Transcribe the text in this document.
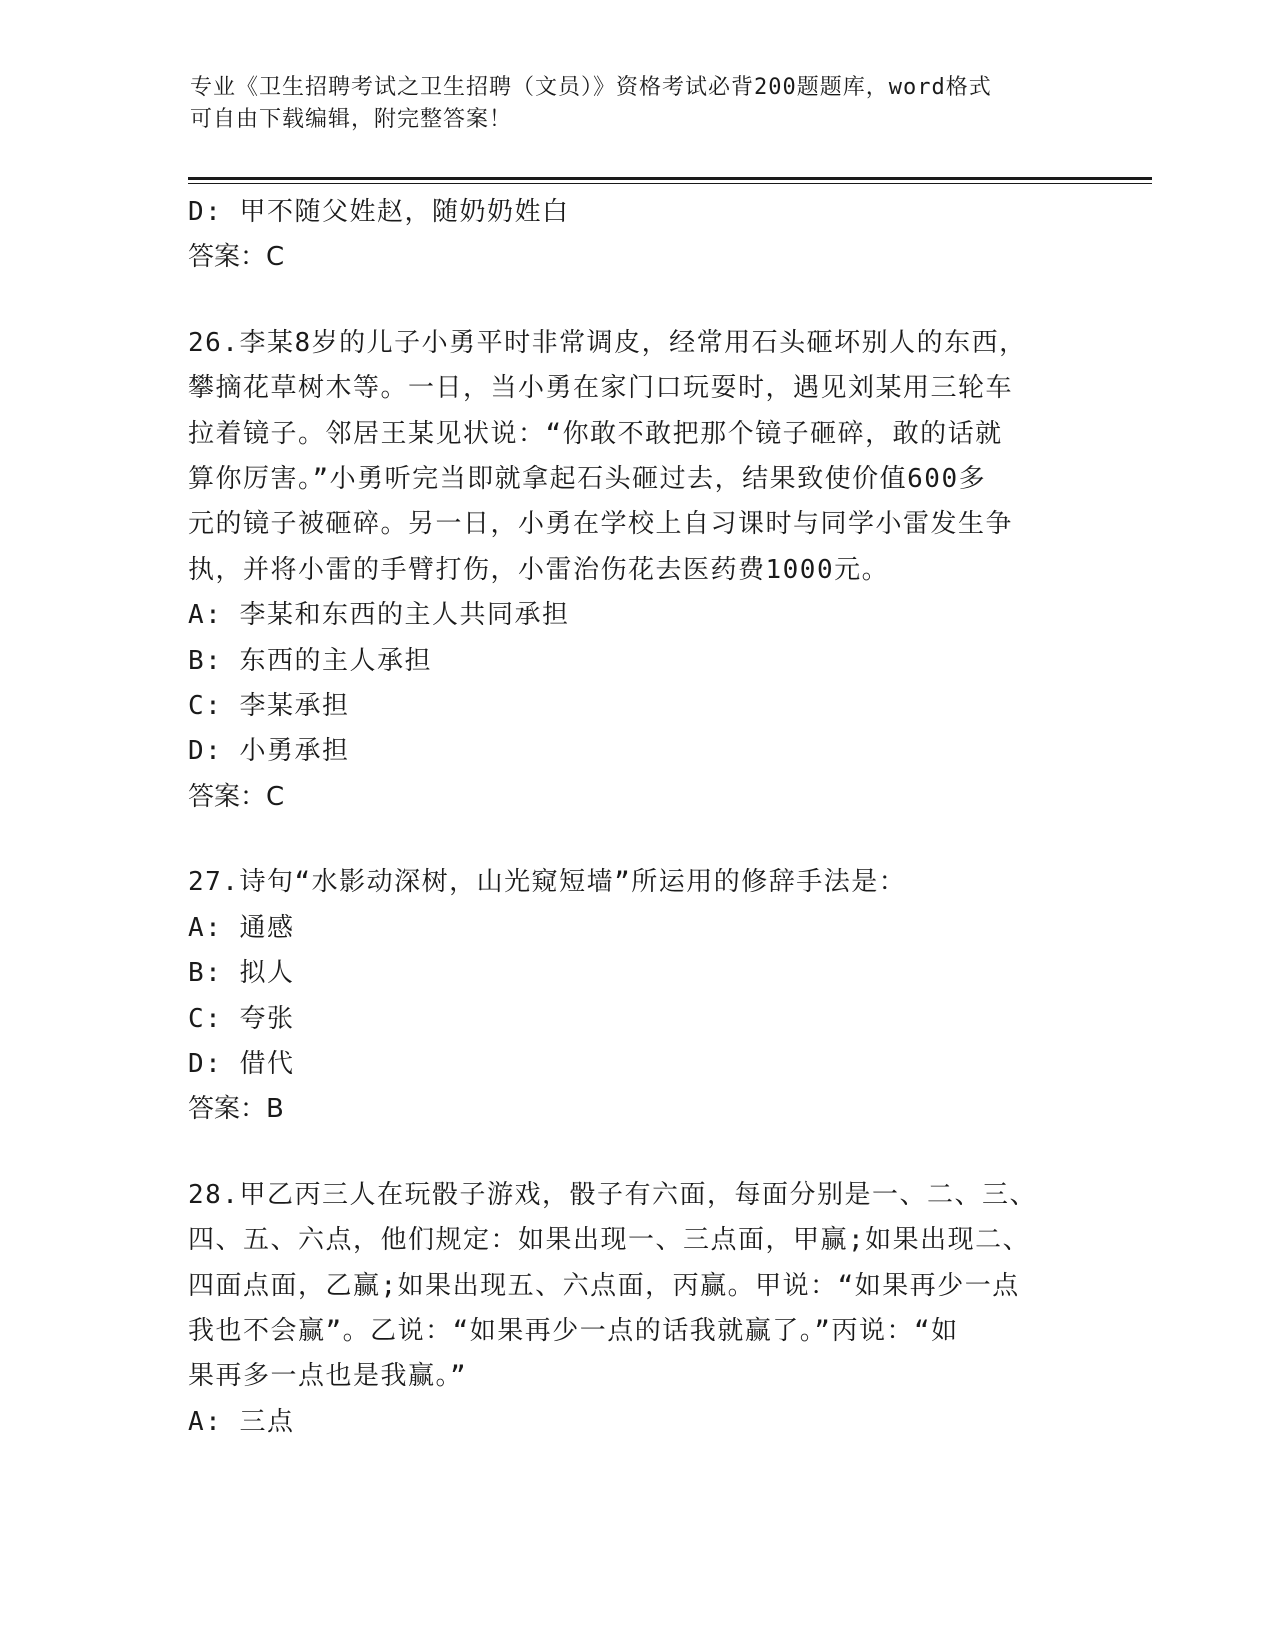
专业《卫生招聘考试之卫生招聘（文员）》资格考试必背200题题库，word格式
可自由下载编辑，附完整答案！
D: 甲不随父姓赵，随奶奶姓白
答案：C
26.李某8岁的儿子小勇平时非常调皮，经常用石头砸坏别人的东西，
攀摘花草树木等。一日，当小勇在家门口玩耍时，遇见刘某用三轮车
拉着镜子。邻居王某见状说：“你敢不敢把那个镜子砸碎，敢的话就
算你厉害。”小勇听完当即就拿起石头砸过去，结果致使价值600多
元的镜子被砸碎。另一日，小勇在学校上自习课时与同学小雷发生争
执，并将小雷的手臂打伤，小雷治伤花去医药费1000元。
A: 李某和东西的主人共同承担
B: 东西的主人承担
C: 李某承担
D: 小勇承担
答案：C
27.诗句“水影动深树，山光窥短墙”所运用的修辞手法是：
A: 通感
B: 拟人
C: 夸张
D: 借代
答案：B
28.甲乙丙三人在玩骰子游戏，骰子有六面，每面分别是一、二、三、
四、五、六点，他们规定：如果出现一、三点面，甲赢;如果出现二、
四面点面，乙赢;如果出现五、六点面，丙赢。甲说：“如果再少一点
我也不会赢”。乙说：“如果再少一点的话我就赢了。”丙说：“如
果再多一点也是我赢。”
A: 三点
